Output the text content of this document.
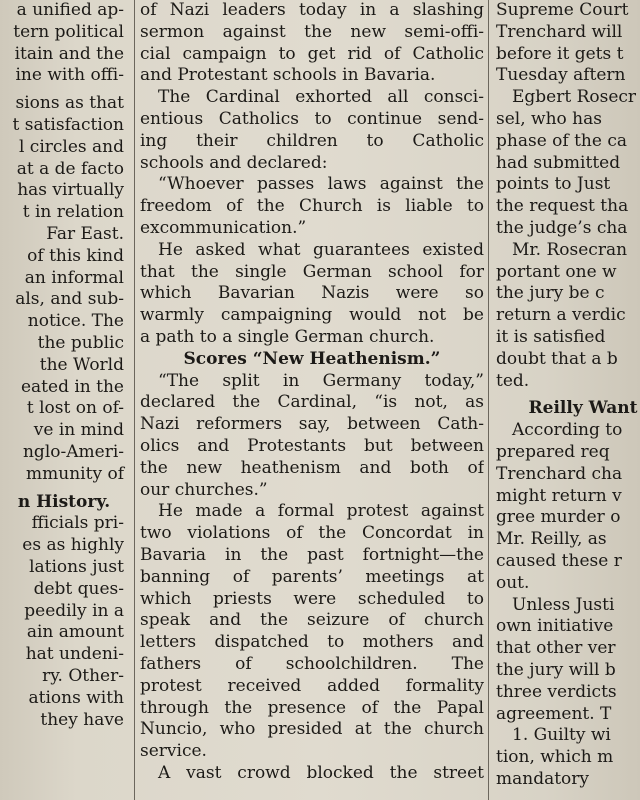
a unified ap-
tern political
itain and the
ine with offi-
sions as that
t satisfaction
l circles and
at a de facto
has virtually
t in relation
Far East.
of this kind
an informal
als, and sub-
notice. The
the public
the World
eated in the
t lost on of-
ve in mind
nglo-Ameri-
mmunity of
n History.
fficials pri-
es as highly
lations just
debt ques-
peedily in a
ain amount
hat undeni-
ry. Other-
ations with
they have
of Nazi leaders today in a slashing
sermon against the new semi-offi-
cial campaign to get rid of Catholic
and Protestant schools in Bavaria.
The Cardinal exhorted all consci-
entious Catholics to continue send-
ing their children to Catholic
schools and declared:
“Whoever passes laws against the
freedom of the Church is liable to
excommunication.”
He asked what guarantees existed
that the single German school for
which Bavarian Nazis were so
warmly campaigning would not be
a path to a single German church.
Scores “New Heathenism.”
“The split in Germany today,”
declared the Cardinal, “is not, as
Nazi reformers say, between Cath-
olics and Protestants but between
the new heathenism and both of
our churches.”
He made a formal protest against
two violations of the Concordat in
Bavaria in the past fortnight—the
banning of parents’ meetings at
which priests were scheduled to
speak and the seizure of church
letters dispatched to mothers and
fathers of schoolchildren. The
protest received added formality
through the presence of the Papal
Nuncio, who presided at the church
service.
A vast crowd blocked the street
Supreme Court
Trenchard will
before it gets t
Tuesday aftern
Egbert Rosecr
sel, who has
phase of the ca
had submitted
points to Just
the request tha
the judge’s cha
Mr. Rosecran
portant one w
the jury be c
return a verdic
it is satisfied
doubt that a b
ted.
Reilly Want
According to
prepared req
Trenchard cha
might return v
gree murder o
Mr. Reilly, as
caused these r
out.
Unless Justi
own initiative
that other ver
the jury will b
three verdicts
agreement. T
1. Guilty wi
tion, which m
mandatory
